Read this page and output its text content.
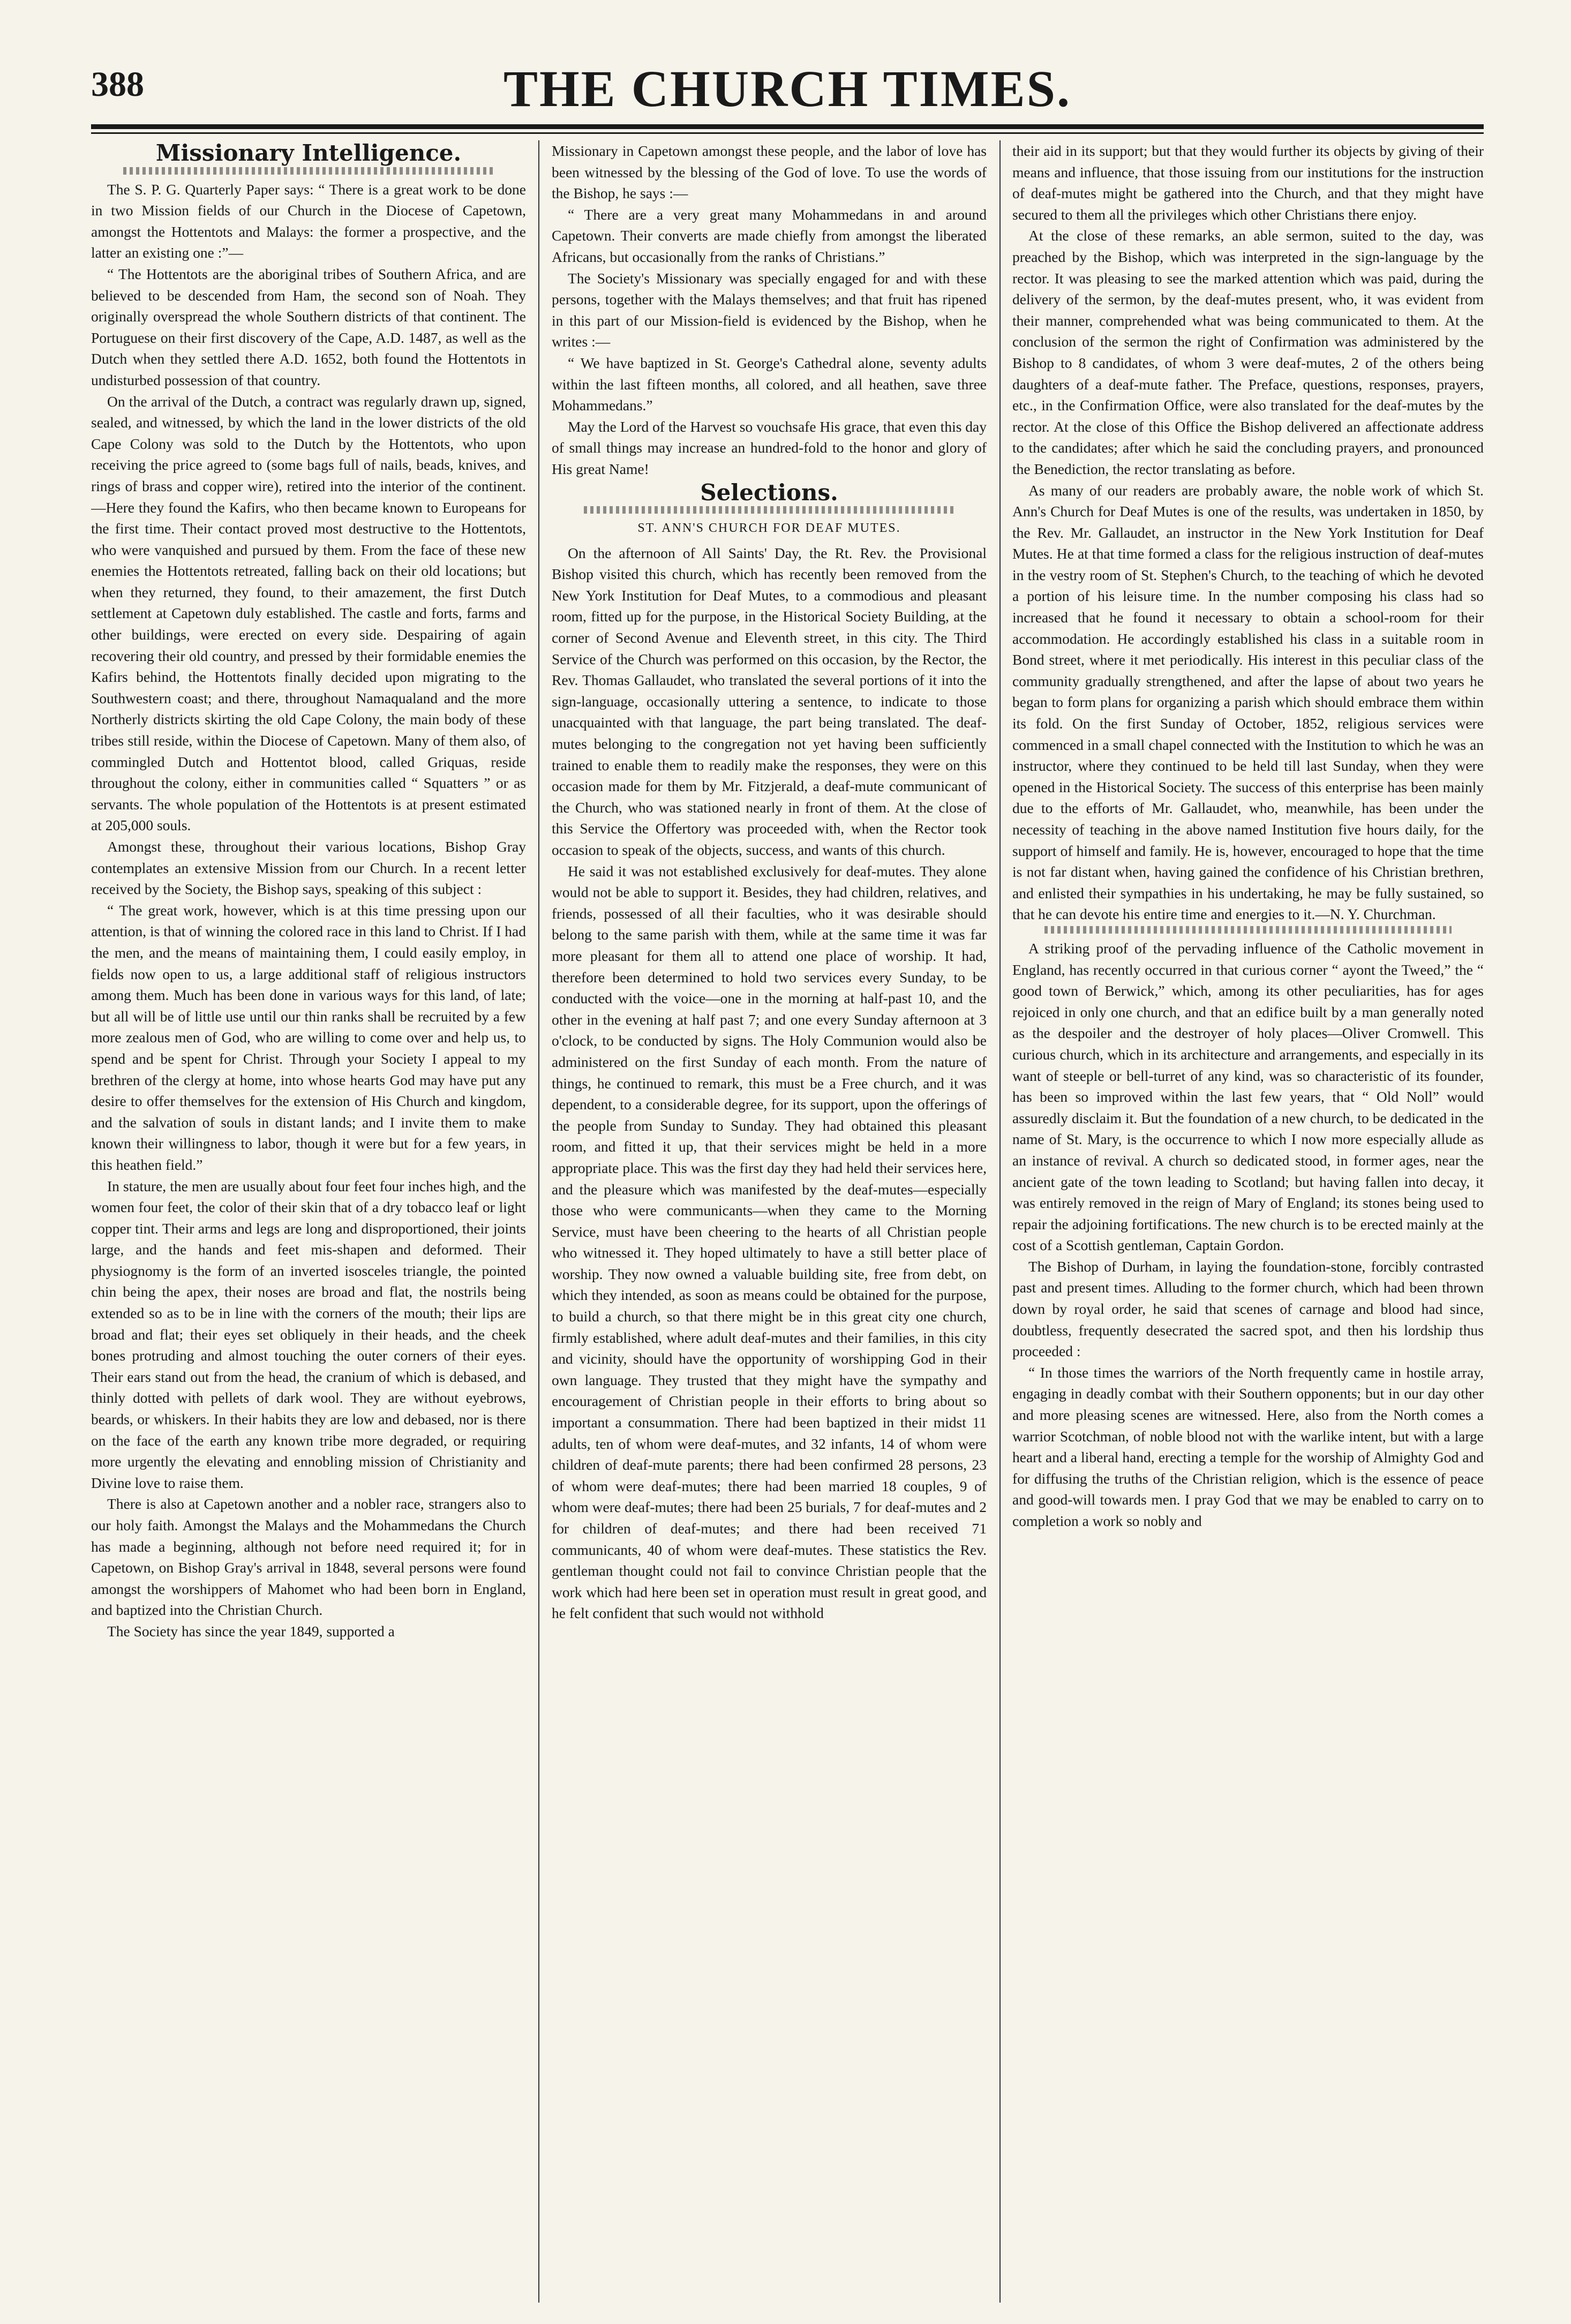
388	THE CHURCH TIMES.
Missionary Intelligence.

The S. P. G. Quarterly Paper says: “ There is a great work to be done in two Mission fields of our Church in the Diocese of Capetown, amongst the Hottentots and Malays: the former a prospective, and the latter an existing one :”—

“ The Hottentots are the aboriginal tribes of Southern Africa, and are believed to be descended from Ham, the second son of Noah. They originally overspread the whole Southern districts of that continent. The Portuguese on their first discovery of the Cape, A.D. 1487, as well as the Dutch when they settled there A.D. 1652, both found the Hottentots in undisturbed possession of that country.

On the arrival of the Dutch, a contract was regularly drawn up, signed, sealed, and witnessed, by which the land in the lower districts of the old Cape Colony was sold to the Dutch by the Hottentots, who upon receiving the price agreed to (some bags full of nails, beads, knives, and rings of brass and copper wire), retired into the interior of the continent.—Here they found the Kafirs, who then became known to Europeans for the first time. Their contact proved most destructive to the Hottentots, who were vanquished and pursued by them. From the face of these new enemies the Hottentots retreated, falling back on their old locations; but when they returned, they found, to their amazement, the first Dutch settlement at Capetown duly established. The castle and forts, farms and other buildings, were erected on every side. Despairing of again recovering their old country, and pressed by their formidable enemies the Kafirs behind, the Hottentots finally decided upon migrating to the Southwestern coast; and there, throughout Namaqualand and the more Northerly districts skirting the old Cape Colony, the main body of these tribes still reside, within the Diocese of Capetown. Many of them also, of commingled Dutch and Hottentot blood, called Griquas, reside throughout the colony, either in communities called “ Squatters ” or as servants. The whole population of the Hottentots is at present estimated at 205,000 souls.

Amongst these, throughout their various locations, Bishop Gray contemplates an extensive Mission from our Church. In a recent letter received by the Society, the Bishop says, speaking of this subject :

“ The great work, however, which is at this time pressing upon our attention, is that of winning the colored race in this land to Christ. If I had the men, and the means of maintaining them, I could easily employ, in fields now open to us, a large additional staff of religious instructors among them. Much has been done in various ways for this land, of late; but all will be of little use until our thin ranks shall be recruited by a few more zealous men of God, who are willing to come over and help us, to spend and be spent for Christ. Through your Society I appeal to my brethren of the clergy at home, into whose hearts God may have put any desire to offer themselves for the extension of His Church and kingdom, and the salvation of souls in distant lands; and I invite them to make known their willingness to labor, though it were but for a few years, in this heathen field.”

In stature, the men are usually about four feet four inches high, and the women four feet, the color of their skin that of a dry tobacco leaf or light copper tint. Their arms and legs are long and disproportioned, their joints large, and the hands and feet mis-shapen and deformed. Their physiognomy is the form of an inverted isosceles triangle, the pointed chin being the apex, their noses are broad and flat, the nostrils being extended so as to be in line with the corners of the mouth; their lips are broad and flat; their eyes set obliquely in their heads, and the cheek bones protruding and almost touching the outer corners of their eyes. Their ears stand out from the head, the cranium of which is debased, and thinly dotted with pellets of dark wool. They are without eyebrows, beards, or whiskers. In their habits they are low and debased, nor is there on the face of the earth any known tribe more degraded, or requiring more urgently the elevating and ennobling mission of Christianity and Divine love to raise them.

There is also at Capetown another and a nobler race, strangers also to our holy faith. Amongst the Malays and the Mohammedans the Church has made a beginning, although not before need required it; for in Capetown, on Bishop Gray's arrival in 1848, several persons were found amongst the worshippers of Mahomet who had been born in England, and baptized into the Christian Church.

The Society has since the year 1849, supported a

Missionary in Capetown amongst these people, and the labor of love has been witnessed by the blessing of the God of love. To use the words of the Bishop, he says :—

“ There are a very great many Mohammedans in and around Capetown. Their converts are made chiefly from amongst the liberated Africans, but occasionally from the ranks of Christians.”

The Society's Missionary was specially engaged for and with these persons, together with the Malays themselves; and that fruit has ripened in this part of our Mission-field is evidenced by the Bishop, when he writes :—

“ We have baptized in St. George's Cathedral alone, seventy adults within the last fifteen months, all colored, and all heathen, save three Mohammedans.”

May the Lord of the Harvest so vouchsafe His grace, that even this day of small things may increase an hundred-fold to the honor and glory of His great Name!

Selections.
ST. ANN'S CHURCH FOR DEAF MUTES.

On the afternoon of All Saints' Day, the Rt. Rev. the Provisional Bishop visited this church, which has recently been removed from the New York Institution for Deaf Mutes, to a commodious and pleasant room, fitted up for the purpose, in the Historical Society Building, at the corner of Second Avenue and Eleventh street, in this city. The Third Service of the Church was performed on this occasion, by the Rector, the Rev. Thomas Gallaudet, who translated the several portions of it into the sign-language, occasionally uttering a sentence, to indicate to those unacquainted with that language, the part being translated. The deaf-mutes belonging to the congregation not yet having been sufficiently trained to enable them to readily make the responses, they were on this occasion made for them by Mr. Fitzjerald, a deaf-mute communicant of the Church, who was stationed nearly in front of them. At the close of this Service the Offertory was proceeded with, when the Rector took occasion to speak of the objects, success, and wants of this church.

He said it was not established exclusively for deaf-mutes. They alone would not be able to support it. Besides, they had children, relatives, and friends, possessed of all their faculties, who it was desirable should belong to the same parish with them, while at the same time it was far more pleasant for them all to attend one place of worship. It had, therefore been determined to hold two services every Sunday, to be conducted with the voice—one in the morning at half-past 10, and the other in the evening at half past 7; and one every Sunday afternoon at 3 o'clock, to be conducted by signs. The Holy Communion would also be administered on the first Sunday of each month. From the nature of things, he continued to remark, this must be a Free church, and it was dependent, to a considerable degree, for its support, upon the offerings of the people from Sunday to Sunday. They had obtained this pleasant room, and fitted it up, that their services might be held in a more appropriate place. This was the first day they had held their services here, and the pleasure which was manifested by the deaf-mutes—especially those who were communicants—when they came to the Morning Service, must have been cheering to the hearts of all Christian people who witnessed it. They hoped ultimately to have a still better place of worship. They now owned a valuable building site, free from debt, on which they intended, as soon as means could be obtained for the purpose, to build a church, so that there might be in this great city one church, firmly established, where adult deaf-mutes and their families, in this city and vicinity, should have the opportunity of worshipping God in their own language. They trusted that they might have the sympathy and encouragement of Christian people in their efforts to bring about so important a consummation. There had been baptized in their midst 11 adults, ten of whom were deaf-mutes, and 32 infants, 14 of whom were children of deaf-mute parents; there had been confirmed 28 persons, 23 of whom were deaf-mutes; there had been married 18 couples, 9 of whom were deaf-mutes; there had been 25 burials, 7 for deaf-mutes and 2 for children of deaf-mutes; and there had been received 71 communicants, 40 of whom were deaf-mutes. These statistics the Rev. gentleman thought could not fail to convince Christian people that the work which had here been set in operation must result in great good, and he felt confident that such would not withhold

their aid in its support; but that they would further its objects by giving of their means and influence, that those issuing from our institutions for the instruction of deaf-mutes might be gathered into the Church, and that they might have secured to them all the privileges which other Christians there enjoy.

At the close of these remarks, an able sermon, suited to the day, was preached by the Bishop, which was interpreted in the sign-language by the rector. It was pleasing to see the marked attention which was paid, during the delivery of the sermon, by the deaf-mutes present, who, it was evident from their manner, comprehended what was being communicated to them. At the conclusion of the sermon the right of Confirmation was administered by the Bishop to 8 candidates, of whom 3 were deaf-mutes, 2 of the others being daughters of a deaf-mute father. The Preface, questions, responses, prayers, etc., in the Confirmation Office, were also translated for the deaf-mutes by the rector. At the close of this Office the Bishop delivered an affectionate address to the candidates; after which he said the concluding prayers, and pronounced the Benediction, the rector translating as before.

As many of our readers are probably aware, the noble work of which St. Ann's Church for Deaf Mutes is one of the results, was undertaken in 1850, by the Rev. Mr. Gallaudet, an instructor in the New York Institution for Deaf Mutes. He at that time formed a class for the religious instruction of deaf-mutes in the vestry room of St. Stephen's Church, to the teaching of which he devoted a portion of his leisure time. In the number composing his class had so increased that he found it necessary to obtain a school-room for their accommodation. He accordingly established his class in a suitable room in Bond street, where it met periodically. His interest in this peculiar class of the community gradually strengthened, and after the lapse of about two years he began to form plans for organizing a parish which should embrace them within its fold. On the first Sunday of October, 1852, religious services were commenced in a small chapel connected with the Institution to which he was an instructor, where they continued to be held till last Sunday, when they were opened in the Historical Society. The success of this enterprise has been mainly due to the efforts of Mr. Gallaudet, who, meanwhile, has been under the necessity of teaching in the above named Institution five hours daily, for the support of himself and family. He is, however, encouraged to hope that the time is not far distant when, having gained the confidence of his Christian brethren, and enlisted their sympathies in his undertaking, he may be fully sustained, so that he can devote his entire time and energies to it.—N. Y. Churchman.

A striking proof of the pervading influence of the Catholic movement in England, has recently occurred in that curious corner “ ayont the Tweed,” the “ good town of Berwick,” which, among its other peculiarities, has for ages rejoiced in only one church, and that an edifice built by a man generally noted as the despoiler and the destroyer of holy places—Oliver Cromwell. This curious church, which in its architecture and arrangements, and especially in its want of steeple or bell-turret of any kind, was so characteristic of its founder, has been so improved within the last few years, that “ Old Noll” would assuredly disclaim it. But the foundation of a new church, to be dedicated in the name of St. Mary, is the occurrence to which I now more especially allude as an instance of revival. A church so dedicated stood, in former ages, near the ancient gate of the town leading to Scotland; but having fallen into decay, it was entirely removed in the reign of Mary of England; its stones being used to repair the adjoining fortifications. The new church is to be erected mainly at the cost of a Scottish gentleman, Captain Gordon.

The Bishop of Durham, in laying the foundation-stone, forcibly contrasted past and present times. Alluding to the former church, which had been thrown down by royal order, he said that scenes of carnage and blood had since, doubtless, frequently desecrated the sacred spot, and then his lordship thus proceeded :

“ In those times the warriors of the North frequently came in hostile array, engaging in deadly combat with their Southern opponents; but in our day other and more pleasing scenes are witnessed. Here, also from the North comes a warrior Scotchman, of noble blood not with the warlike intent, but with a large heart and a liberal hand, erecting a temple for the worship of Almighty God and for diffusing the truths of the Christian religion, which is the essence of peace and good-will towards men. I pray God that we may be enabled to carry on to completion a work so nobly and
